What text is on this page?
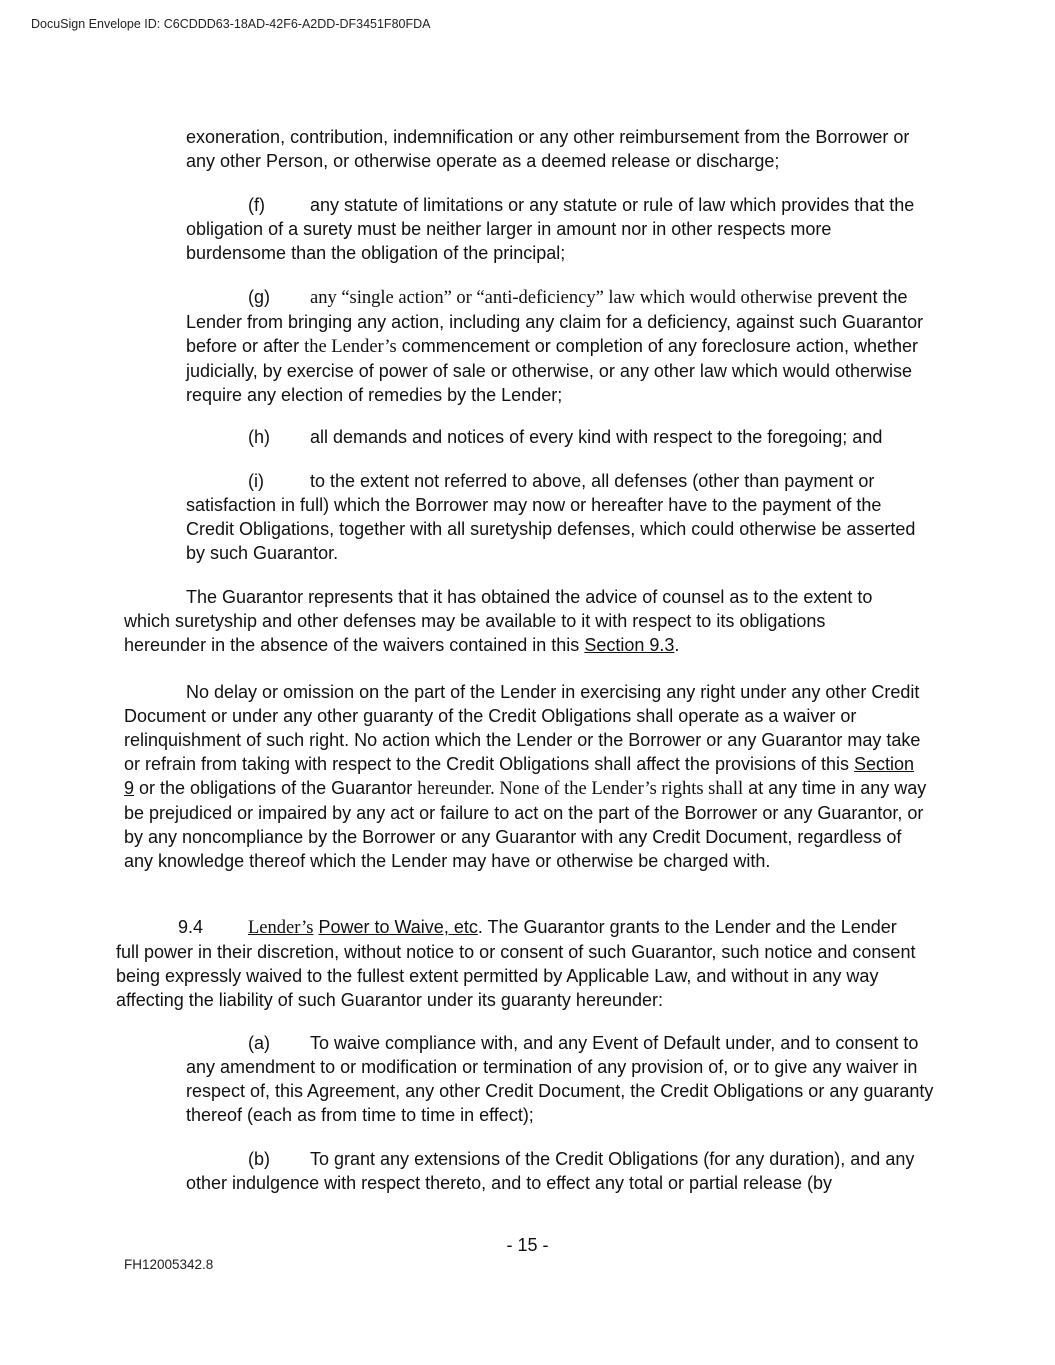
DocuSign Envelope ID: C6CDDD63-18AD-42F6-A2DD-DF3451F80FDA

exoneration, contribution, indemnification or any other reimbursement from the Borrower or any other Person, or otherwise operate as a deemed release or discharge;

(f)	any statute of limitations or any statute or rule of law which provides that the obligation of a surety must be neither larger in amount nor in other respects more burdensome than the obligation of the principal;

(g) any “single action” or “anti-deficiency” law which would otherwise prevent the Lender from bringing any action, including any claim for a deficiency, against such Guarantor before or after the Lender’s commencement or completion of any foreclosure action, whether judicially, by exercise of power of sale or otherwise, or any other law which would otherwise require any election of remedies by the Lender;

(h) all demands and notices of every kind with respect to the foregoing; and

(i)	to the extent not referred to above, all defenses (other than payment or satisfaction in full) which the Borrower may now or hereafter have to the payment of the Credit Obligations, together with all suretyship defenses, which could otherwise be asserted by such Guarantor.

The Guarantor represents that it has obtained the advice of counsel as to the extent to which suretyship and other defenses may be available to it with respect to its obligations hereunder in the absence of the waivers contained in this Section 9.3.

No delay or omission on the part of the Lender in exercising any right under any other Credit Document or under any other guaranty of the Credit Obligations shall operate as a waiver or relinquishment of such right. No action which the Lender or the Borrower or any Guarantor may take or refrain from taking with respect to the Credit Obligations shall affect the provisions of this Section 9 or the obligations of the Guarantor hereunder. None of the Lender’s rights shall at any time in any way be prejudiced or impaired by any act or failure to act on the part of the Borrower or any Guarantor, or by any noncompliance by the Borrower or any Guarantor with any Credit Document, regardless of any knowledge thereof which the Lender may have or otherwise be charged with.

9.4 Lender’s Power to Waive, etc. The Guarantor grants to the Lender and the Lender full power in their discretion, without notice to or consent of such Guarantor, such notice and consent being expressly waived to the fullest extent permitted by Applicable Law, and without in any way affecting the liability of such Guarantor under its guaranty hereunder:

(a) To waive compliance with, and any Event of Default under, and to consent to any amendment to or modification or termination of any provision of, or to give any waiver in respect of, this Agreement, any other Credit Document, the Credit Obligations or any guaranty thereof (each as from time to time in effect);

(b) To grant any extensions of the Credit Obligations (for any duration), and any other indulgence with respect thereto, and to effect any total or partial release (by

- 15 -
FH12005342.8
